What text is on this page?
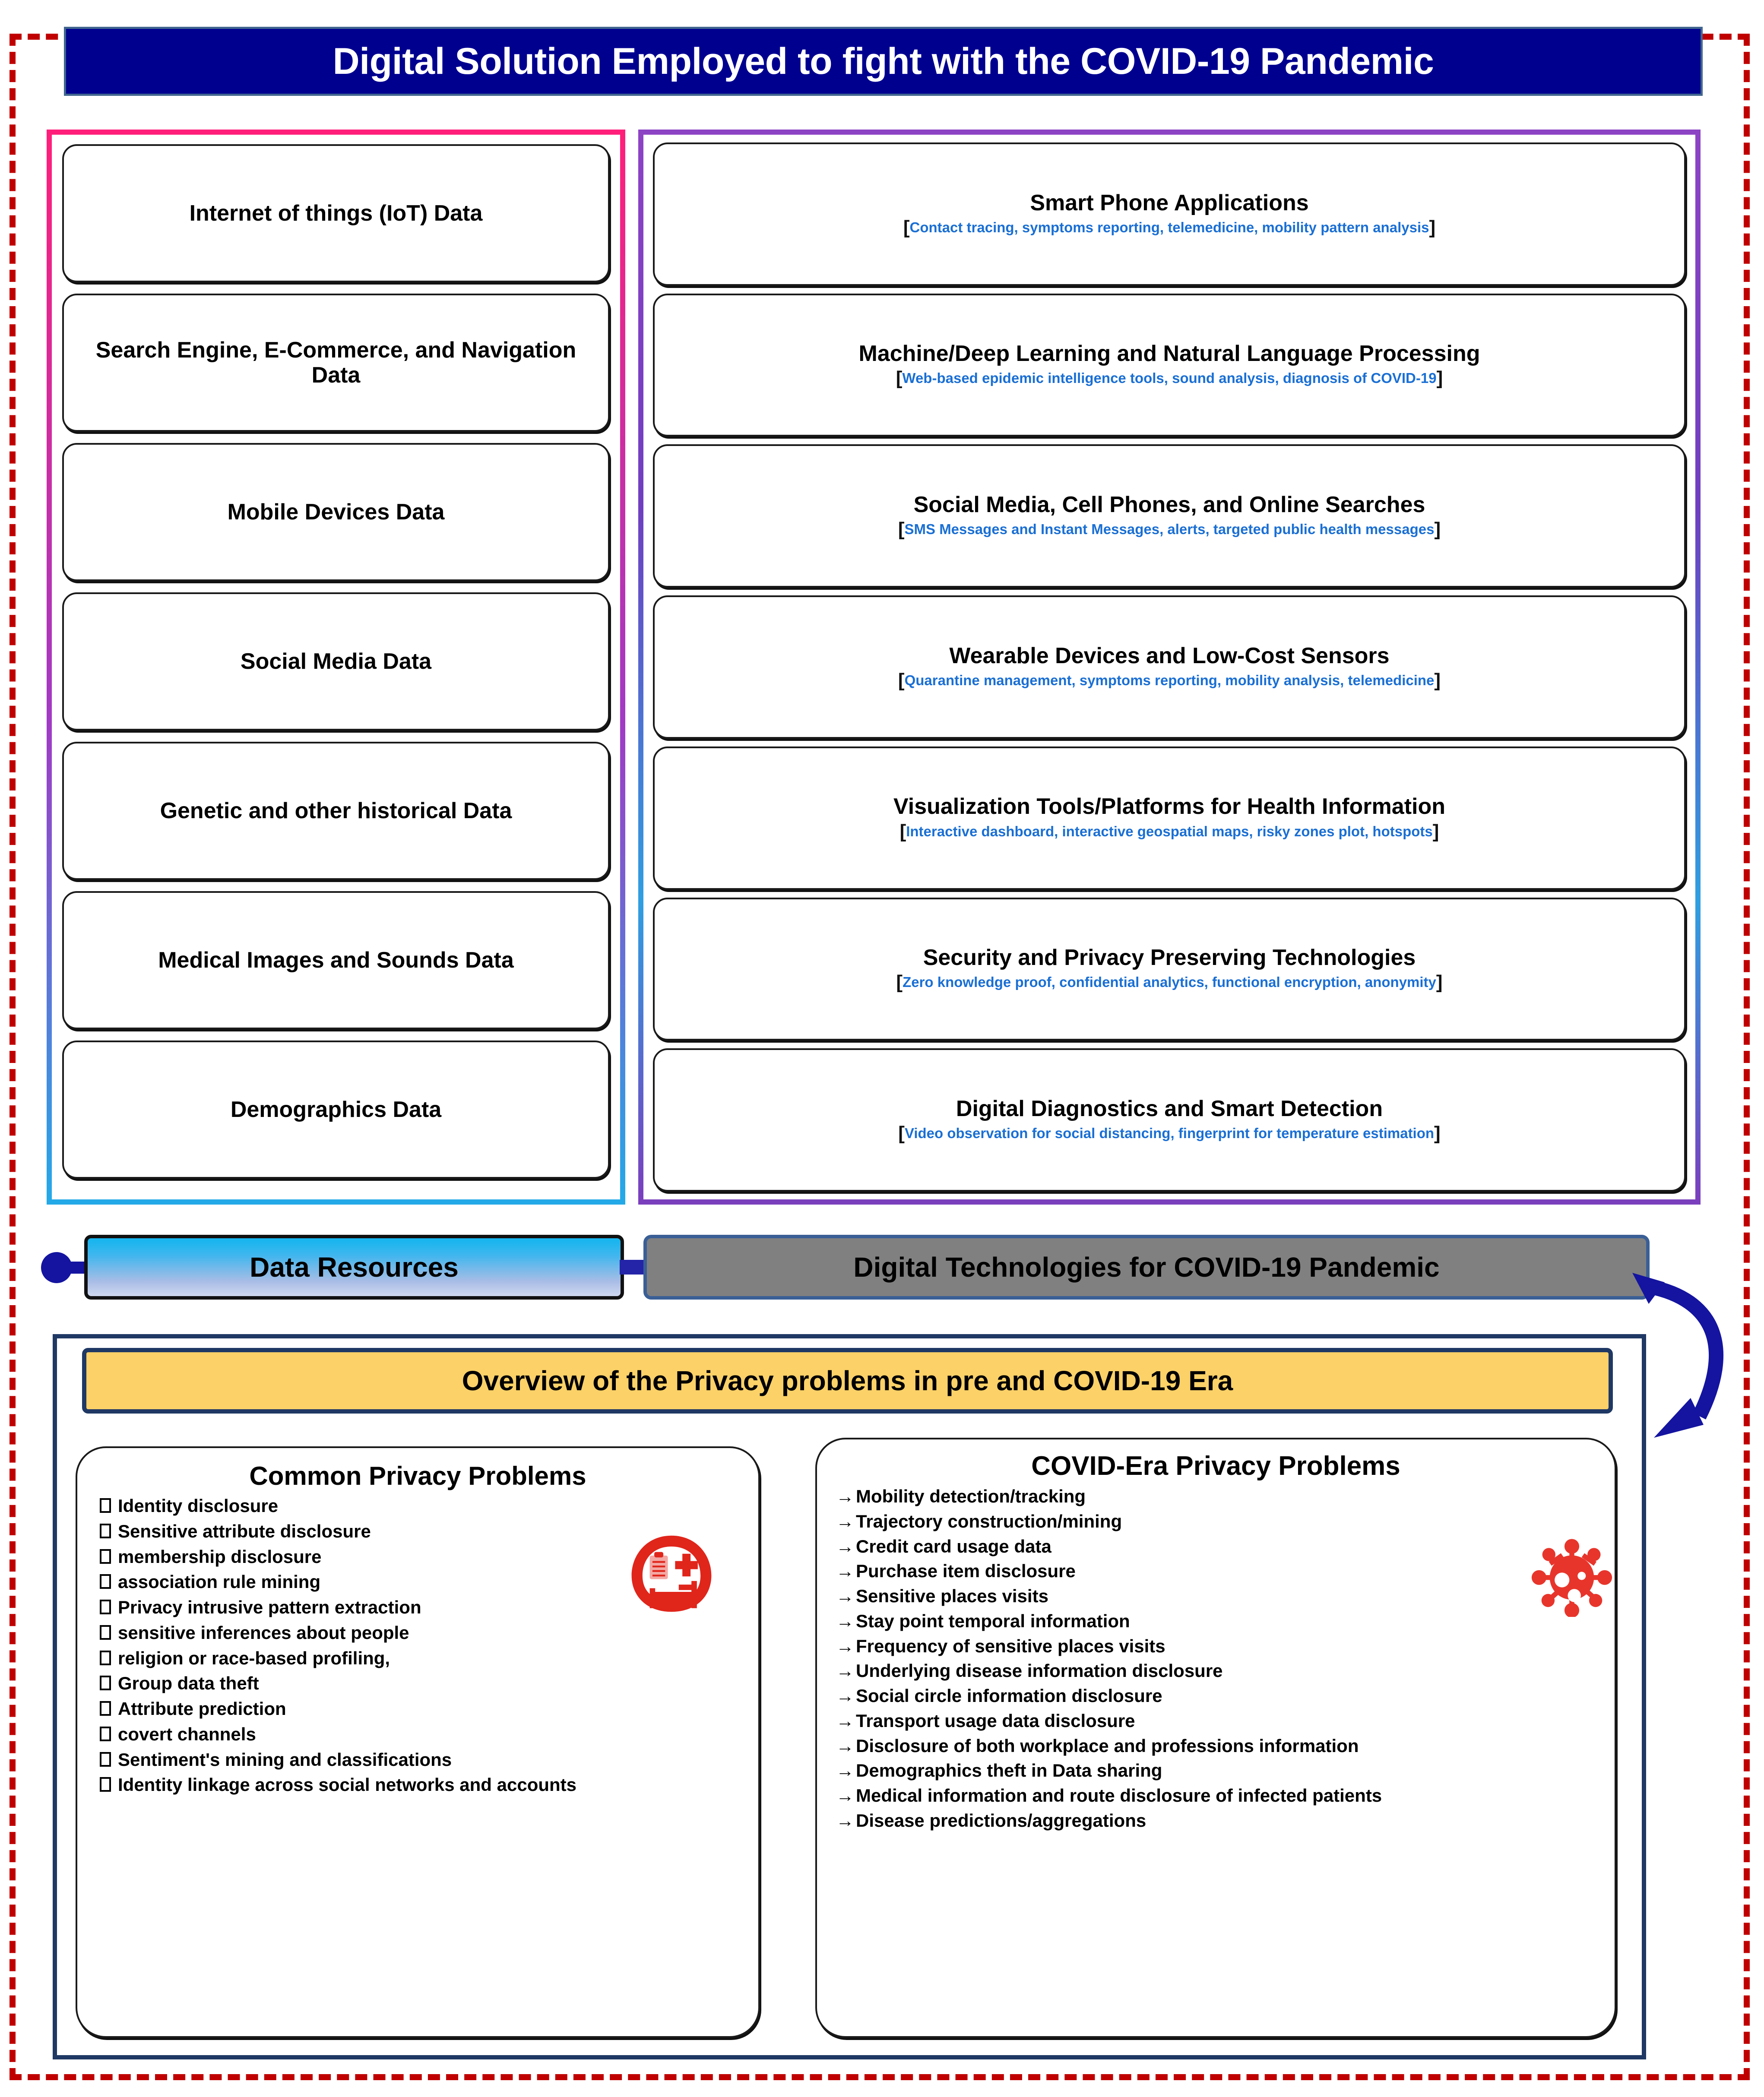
Digital Solution Employed to fight with the COVID-19 Pandemic
Internet of things (IoT) Data
Search Engine, E-Commerce, and Navigation Data
Mobile Devices Data
Social Media Data
Genetic and other historical Data
Medical Images and Sounds Data
Demographics Data
Smart Phone Applications
[Contact tracing, symptoms reporting, telemedicine, mobility pattern analysis]
Machine/Deep Learning and Natural Language Processing
[Web-based epidemic intelligence tools, sound analysis, diagnosis of COVID-19]
Social Media, Cell Phones, and Online Searches
[SMS Messages and Instant Messages, alerts, targeted public health messages]
Wearable Devices and Low-Cost Sensors
[Quarantine management, symptoms reporting, mobility analysis, telemedicine]
Visualization Tools/Platforms for Health Information
[Interactive dashboard, interactive geospatial maps, risky zones plot, hotspots]
Security and Privacy Preserving Technologies
[Zero knowledge proof, confidential analytics, functional encryption, anonymity]
Digital Diagnostics and Smart Detection
[Video observation for social distancing, fingerprint for temperature estimation]
Data Resources	Digital Technologies for COVID-19 Pandemic
Overview of the Privacy problems in pre and COVID-19 Era
Common Privacy Problems
Identity disclosure
Sensitive attribute disclosure
membership disclosure
association rule mining
Privacy intrusive pattern extraction
sensitive inferences about people
religion or race-based profiling,
Group data theft
Attribute prediction
covert channels
Sentiment's mining and classifications
Identity linkage across social networks and accounts
COVID-Era Privacy Problems
→ Mobility detection/tracking
→ Trajectory construction/mining
→ Credit card usage data
→ Purchase item disclosure
→ Sensitive places visits
→ Stay point temporal information
→ Frequency of sensitive places visits
→ Underlying disease information disclosure
→ Social circle information disclosure
→ Transport usage data disclosure
→ Disclosure of both workplace and professions information
→ Demographics theft in Data sharing
→ Medical information and route disclosure of infected patients
→ Disease predictions/aggregations
